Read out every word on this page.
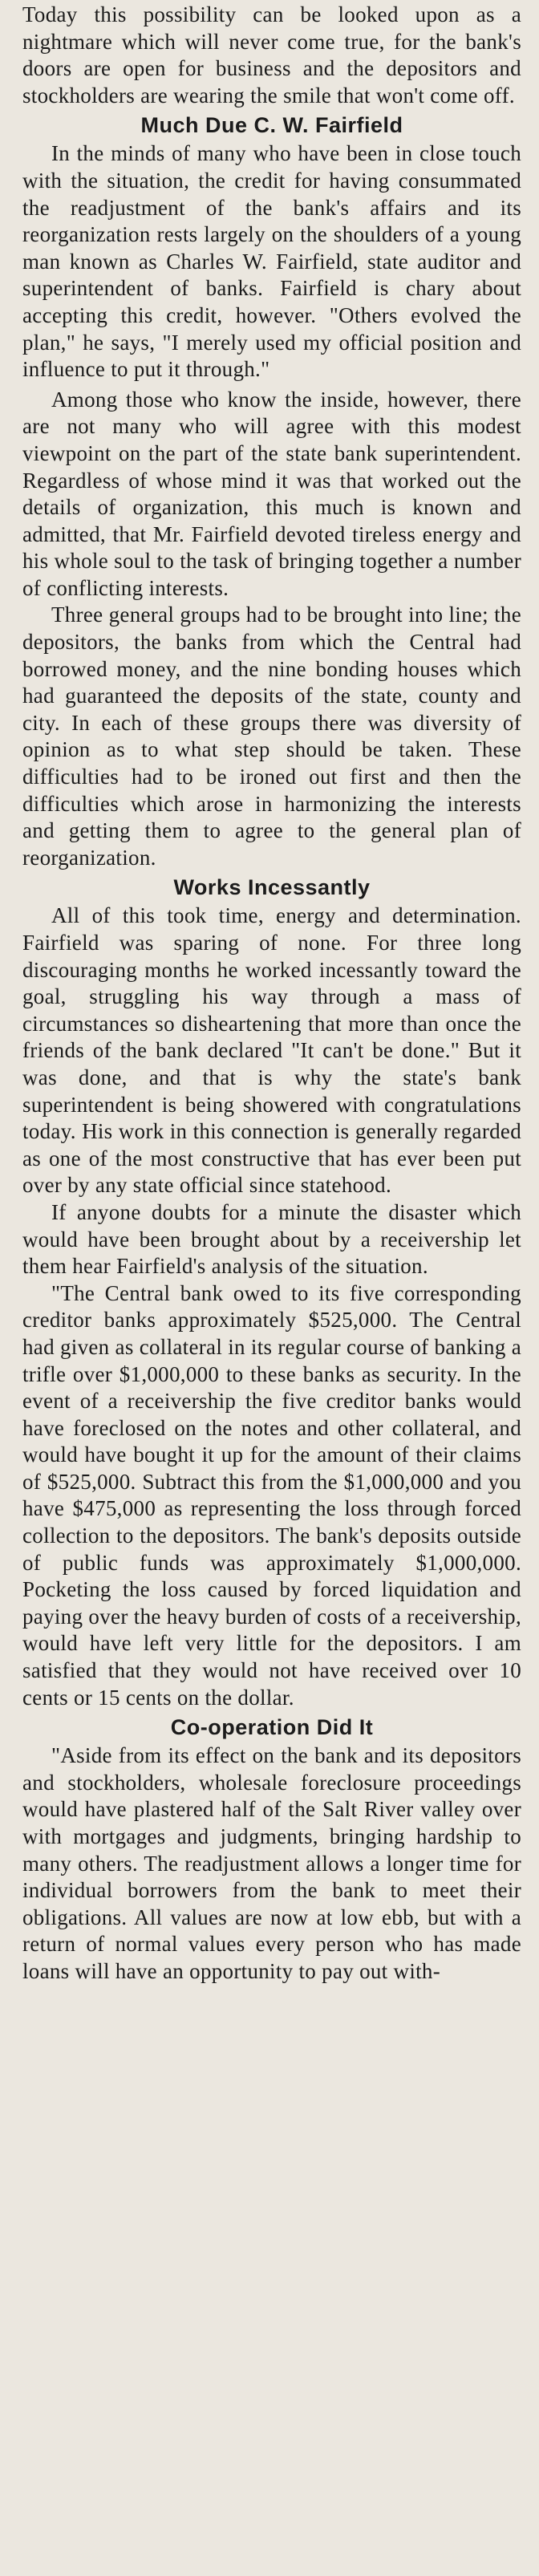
Today this possibility can be looked upon as a nightmare which will never come true, for the bank's doors are open for business and the depositors and stockholders are wearing the smile that won't come off.

Much Due C. W. Fairfield

In the minds of many who have been in close touch with the situation, the credit for having consummated the readjustment of the bank's affairs and its reorganization rests largely on the shoulders of a young man known as Charles W. Fairfield, state auditor and superintendent of banks. Fairfield is chary about accepting this credit, however. "Others evolved the plan," he says, "I merely used my official position and influence to put it through."

Among those who know the inside, however, there are not many who will agree with this modest viewpoint on the part of the state bank superintendent. Regardless of whose mind it was that worked out the details of organization, this much is known and admitted, that Mr. Fairfield devoted tireless energy and his whole soul to the task of bringing together a number of conflicting interests.

Three general groups had to be brought into line; the depositors, the banks from which the Central had borrowed money, and the nine bonding houses which had guaranteed the deposits of the state, county and city. In each of these groups there was diversity of opinion as to what step should be taken. These difficulties had to be ironed out first and then the difficulties which arose in harmonizing the interests and getting them to agree to the general plan of reorganization.

Works Incessantly

All of this took time, energy and determination. Fairfield was sparing of none. For three long discouraging months he worked incessantly toward the goal, struggling his way through a mass of circumstances so disheartening that more than once the friends of the bank declared "It can't be done." But it was done, and that is why the state's bank superintendent is being showered with congratulations today. His work in this connection is generally regarded as one of the most constructive that has ever been put over by any state official since statehood.

If anyone doubts for a minute the disaster which would have been brought about by a receivership let them hear Fairfield's analysis of the situation.

"The Central bank owed to its five corresponding creditor banks approximately $525,000. The Central had given as collateral in its regular course of banking a trifle over $1,000,000 to these banks as security. In the event of a receivership the five creditor banks would have foreclosed on the notes and other collateral, and would have bought it up for the amount of their claims of $525,000. Subtract this from the $1,000,000 and you have $475,000 as representing the loss through forced collection to the depositors. The bank's deposits outside of public funds was approximately $1,000,000. Pocketing the loss caused by forced liquidation and paying over the heavy burden of costs of a receivership, would have left very little for the depositors. I am satisfied that they would not have received over 10 cents or 15 cents on the dollar.

Co-operation Did It

"Aside from its effect on the bank and its depositors and stockholders, wholesale foreclosure proceedings would have plastered half of the Salt River valley over with mortgages and judgments, bringing hardship to many others. The readjustment allows a longer time for individual borrowers from the bank to meet their obligations. All values are now at low ebb, but with a return of normal values every person who has made loans will have an opportunity to pay out with-
